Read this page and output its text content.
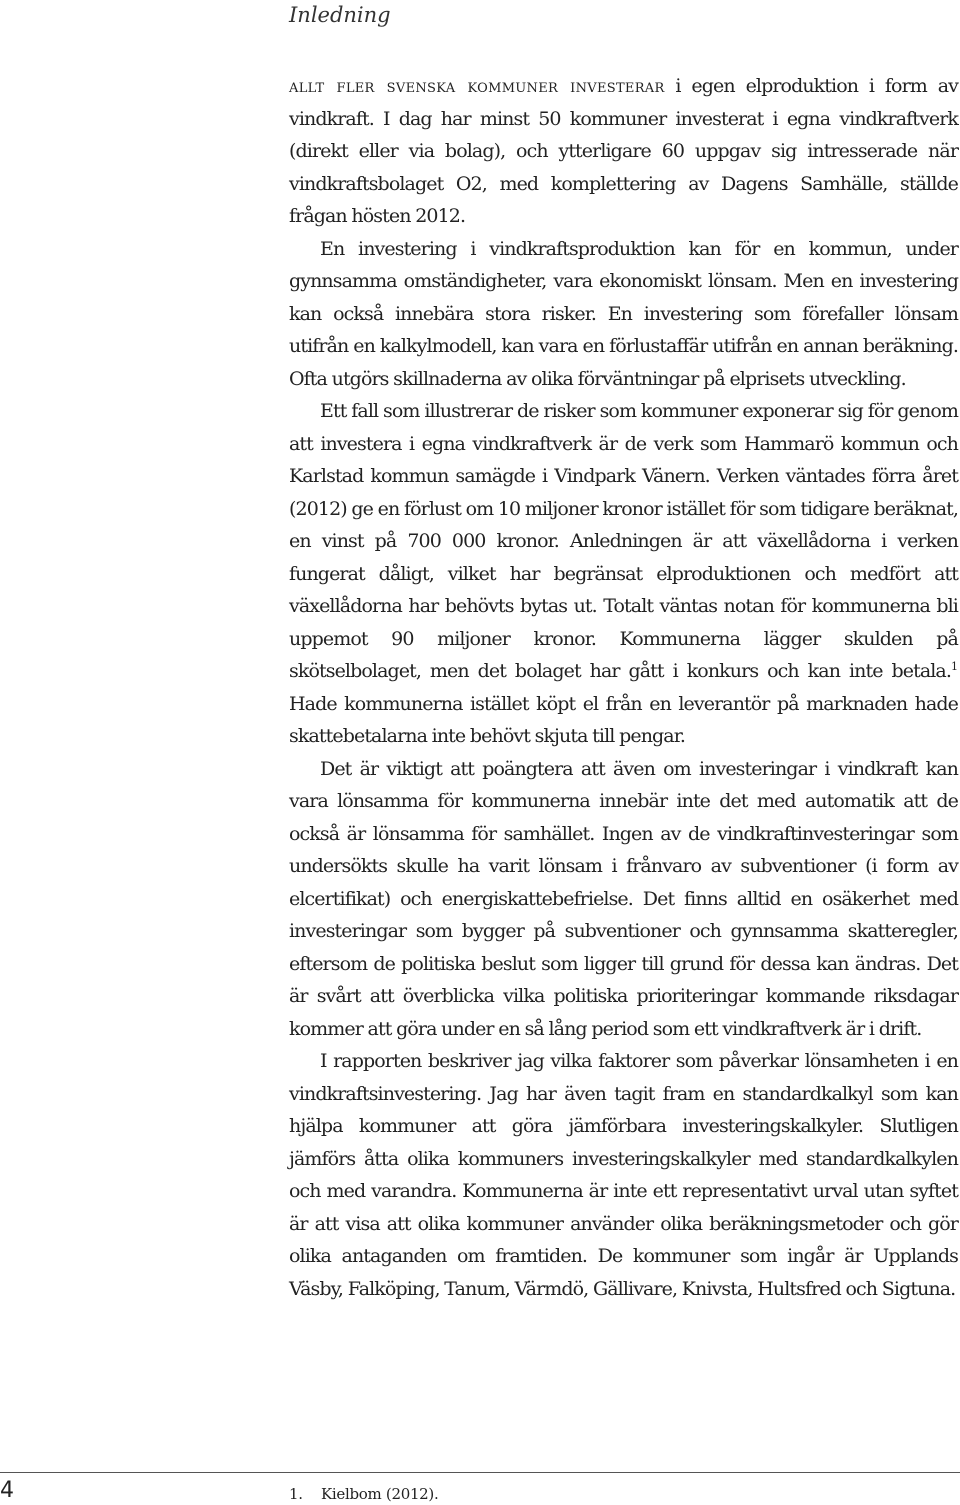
Inledning

allt fler svenska kommuner investerar i egen elproduktion i form av vindkraft. I dag har minst 50 kommuner investerat i egna vindkraftverk (direkt eller via bolag), och ytterligare 60 uppgav sig intresserade när vindkraftsbolaget O2, med komplettering av Dagens Samhälle, ställde frågan hösten 2012.

En investering i vindkraftsproduktion kan för en kommun, under gynnsamma omständigheter, vara ekonomiskt lönsam. Men en investering kan också innebära stora risker. En investering som förefaller lönsam utifrån en kalkylmodell, kan vara en förlustaffär utifrån en annan beräkning. Ofta utgörs skillnaderna av olika förväntningar på elprisets utveckling.

Ett fall som illustrerar de risker som kommuner exponerar sig för genom att investera i egna vindkraftverk är de verk som Hammarö kommun och Karlstad kommun samägde i Vindpark Vänern. Verken väntades förra året (2012) ge en förlust om 10 miljoner kronor istället för som tidigare beräknat, en vinst på 700 000 kronor. Anledningen är att växellådorna i verken fungerat dåligt, vilket har begränsat elproduktionen och medfört att växellådorna har behövts bytas ut. Totalt väntas notan för kommunerna bli uppemot 90 miljoner kronor. Kommunerna lägger skulden på skötselbolaget, men det bolaget har gått i konkurs och kan inte betala.$^1$ Hade kommunerna istället köpt el från en leverantör på marknaden hade skattebetalarna inte behövt skjuta till pengar.

Det är viktigt att poängtera att även om investeringar i vindkraft kan vara lönsamma för kommunerna innebär inte det med automatik att de också är lönsamma för samhället. Ingen av de vindkraftinvesteringar som undersökts skulle ha varit lönsam i frånvaro av subventioner (i form av elcertifikat) och energiskattebefrielse. Det finns alltid en osäkerhet med investeringar som bygger på subventioner och gynnsamma skatteregler, eftersom de politiska beslut som ligger till grund för dessa kan ändras. Det är svårt att överblicka vilka politiska prioriteringar kommande riksdagar kommer att göra under en så lång period som ett vindkraftverk är i drift.

I rapporten beskriver jag vilka faktorer som påverkar lönsamheten i en vindkraftsinvestering. Jag har även tagit fram en standardkalkyl som kan hjälpa kommuner att göra jämförbara investeringskalkyler. Slutligen jämförs åtta olika kommuners investeringskalkyler med standardkalkylen och med varandra. Kommunerna är inte ett representativt urval utan syftet är att visa att olika kommuner använder olika beräkningsmetoder och gör olika antaganden om framtiden. De kommuner som ingår är Upplands Väsby, Falköping, Tanum, Värmdö, Gällivare, Knivsta, Hultsfred och Sigtuna.

4	1. Kielbom (2012).
